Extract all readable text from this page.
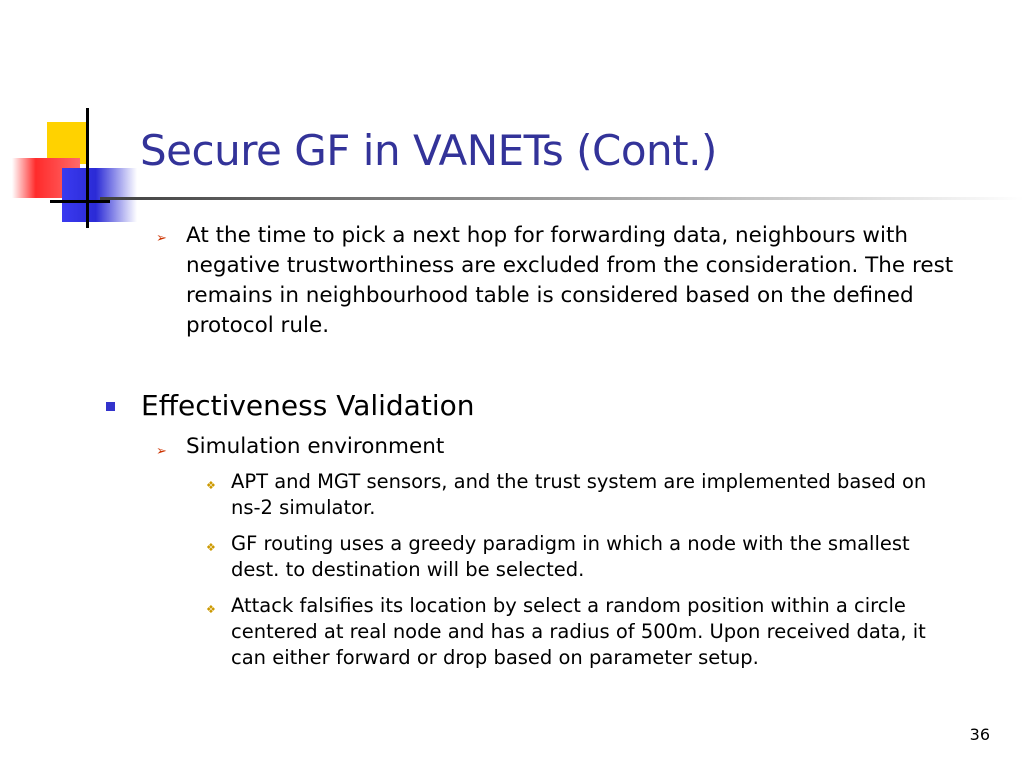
Secure GF in VANETs (Cont.)
➢ At the time to pick a next hop for forwarding data, neighbours with negative trustworthiness are excluded from the consideration. The rest remains in neighbourhood table is considered based on the defined protocol rule.
Effectiveness Validation
➢ Simulation environment
❖ APT and MGT sensors, and the trust system are implemented based on ns-2 simulator.
❖ GF routing uses a greedy paradigm in which a node with the smallest dest. to destination will be selected.
❖ Attack falsifies its location by select a random position within a circle centered at real node and has a radius of 500m. Upon received data, it can either forward or drop based on parameter setup.
36
